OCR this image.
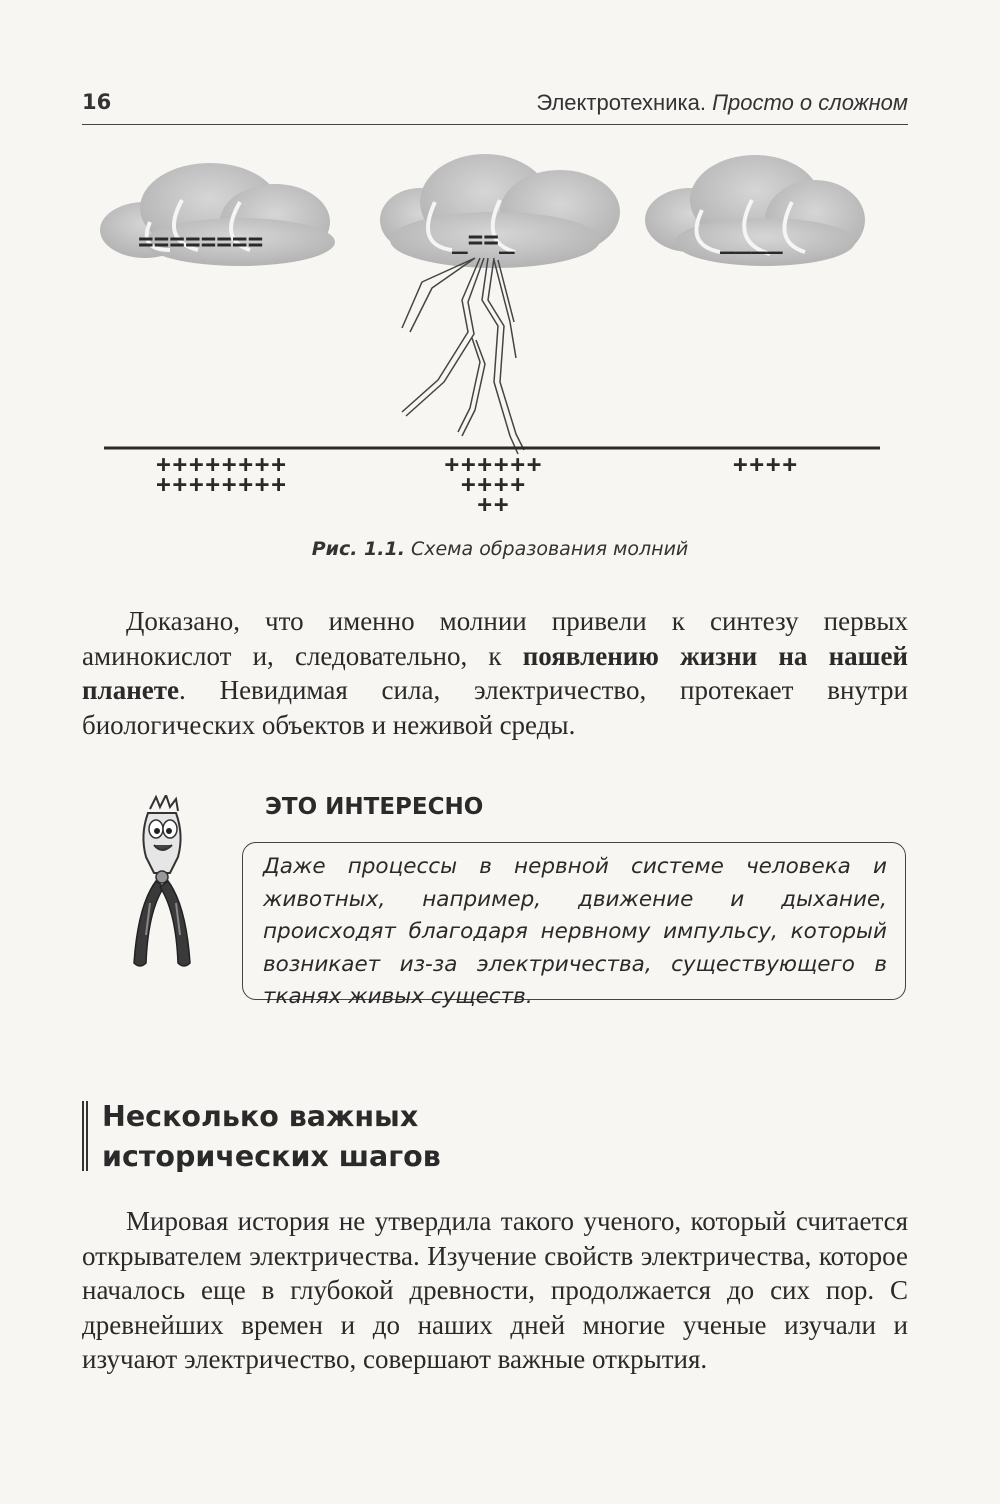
16	Электротехника. Просто о сложном
========	_==_	____
++++++++
++++++++
++++++
++++
++
++++
Рис. 1.1. Схема образования молний

Доказано, что именно молнии привели к синтезу первых аминокислот и, следовательно, к появлению жизни на нашей планете. Невидимая сила, электричество, протекает внутри биологических объектов и неживой среды.

ЭТО ИНТЕРЕСНО
Даже процессы в нервной системе человека и животных, например, движение и дыхание, происходят благодаря нервному импульсу, который возникает из-за электричества, существующего в тканях живых существ.
Несколько важных
исторических шагов

Мировая история не утвердила такого ученого, который считается открывателем электричества. Изучение свойств электричества, которое началось еще в глубокой древности, продолжается до сих пор. С древнейших времен и до наших дней многие ученые изучали и изучают электричество, совершают важные открытия.
